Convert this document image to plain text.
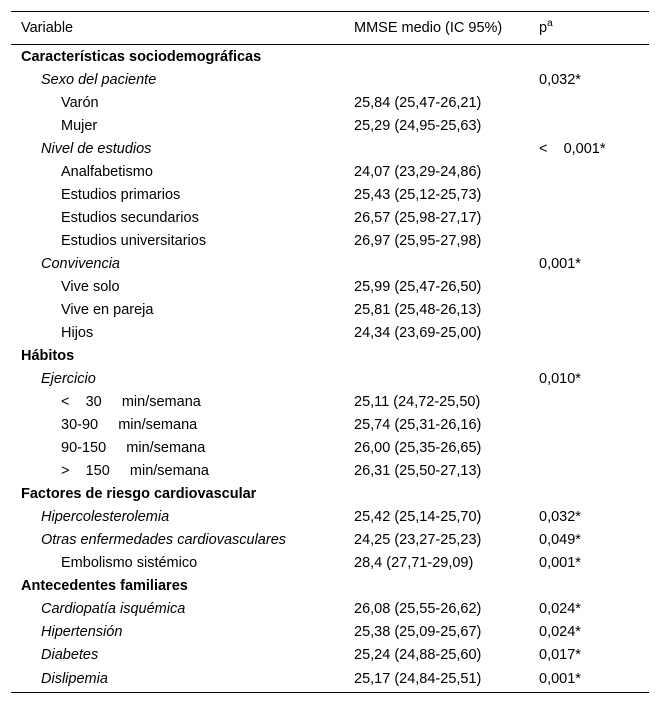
Variable	MMSE medio (IC 95%)	$p^a$
Características sociodemográficas		
Sexo del paciente		0,032*
Varón	25,84 (25,47-26,21)	
Mujer	25,29 (24,95-25,63)	
Nivel de estudios		<    0,001*
Analfabetismo	24,07 (23,29-24,86)	
Estudios primarios	25,43 (25,12-25,73)	
Estudios secundarios	26,57 (25,98-27,17)	
Estudios universitarios	26,97 (25,95-27,98)	
Convivencia		0,001*
Vive solo	25,99 (25,47-26,50)	
Vive en pareja	25,81 (25,48-26,13)	
Hijos	24,34 (23,69-25,00)	
Hábitos		
Ejercicio		0,010*
<    30     min/semana	25,11 (24,72-25,50)	
30-90     min/semana	25,74 (25,31-26,16)	
90-150     min/semana	26,00 (25,35-26,65)	
>    150     min/semana	26,31 (25,50-27,13)	
Factores de riesgo cardiovascular		
Hipercolesterolemia	25,42 (25,14-25,70)	0,032*
Otras enfermedades cardiovasculares	24,25 (23,27-25,23)	0,049*
Embolismo sistémico	28,4 (27,71-29,09)	0,001*
Antecedentes familiares		
Cardiopatía isquémica	26,08 (25,55-26,62)	0,024*
Hipertensión	25,38 (25,09-25,67)	0,024*
Diabetes	25,24 (24,88-25,60)	0,017*
Dislipemia	25,17 (24,84-25,51)	0,001*
